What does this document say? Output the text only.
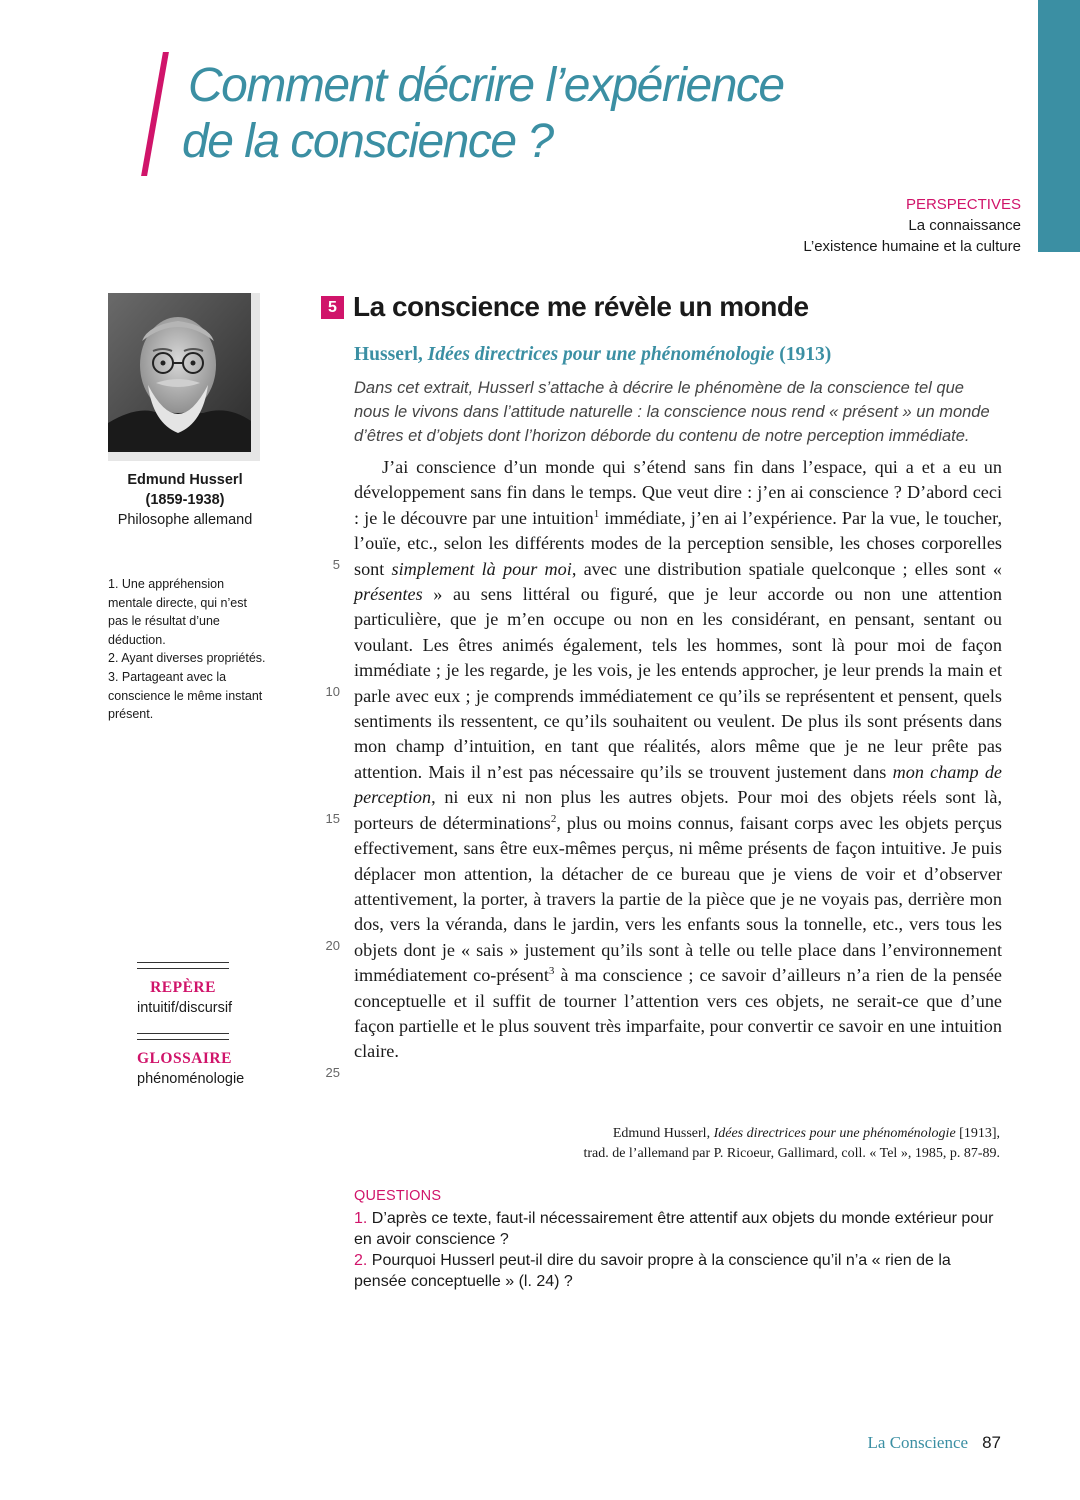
Comment décrire l’expérience
de la conscience ?
PERSPECTIVES
La connaissance
L’existence humaine et la culture
Edmund Husserl
(1859-1938)
Philosophe allemand

1. Une appréhension mentale directe, qui n’est pas le résultat d’une déduction.

2. Ayant diverses propriétés.

3. Partageant avec la conscience le même instant présent.

REPÈRE
intuitif/discursif
GLOSSAIRE
phénoménologie
5 La conscience me révèle un monde
Husserl, Idées directrices pour une phénoménologie (1913)
Dans cet extrait, Husserl s’attache à décrire le phénomène de la conscience tel que nous le vivons dans l’attitude naturelle : la conscience nous rend « présent » un monde d’êtres et d’objets dont l’horizon déborde du contenu de notre perception immédiate.
5
10
15
20
25

J’ai conscience d’un monde qui s’étend sans fin dans l’espace, qui a et a eu un développement sans fin dans le temps. Que veut dire : j’en ai conscience ? D’abord ceci : je le découvre par une intuition$^1$ immédiate, j’en ai l’expérience. Par la vue, le toucher, l’ouïe, etc., selon les différents modes de la perception sensible, les choses corporelles sont simplement là pour moi, avec une distribution spatiale quelconque ; elles sont « présentes » au sens littéral ou figuré, que je leur accorde ou non une attention particulière, que je m’en occupe ou non en les considérant, en pensant, sentant ou voulant. Les êtres animés également, tels les hommes, sont là pour moi de façon immédiate ; je les regarde, je les vois, je les entends approcher, je leur prends la main et parle avec eux ; je comprends immédiatement ce qu’ils se représentent et pensent, quels sentiments ils ressentent, ce qu’ils souhaitent ou veulent. De plus ils sont présents dans mon champ d’intuition, en tant que réalités, alors même que je ne leur prête pas attention. Mais il n’est pas nécessaire qu’ils se trouvent justement dans mon champ de perception, ni eux ni non plus les autres objets. Pour moi des objets réels sont là, porteurs de déterminations$^2$, plus ou moins connus, faisant corps avec les objets perçus effectivement, sans être eux-mêmes perçus, ni même présents de façon intuitive. Je puis déplacer mon attention, la détacher de ce bureau que je viens de voir et d’observer attentivement, la porter, à travers la partie de la pièce que je ne voyais pas, derrière mon dos, vers la véranda, dans le jardin, vers les enfants sous la tonnelle, etc., vers tous les objets dont je « sais » justement qu’ils sont à telle ou telle place dans l’environnement immédiatement co-présent$^3$ à ma conscience ; ce savoir d’ailleurs n’a rien de la pensée conceptuelle et il suffit de tourner l’attention vers ces objets, ne serait-ce que d’une façon partielle et le plus souvent très imparfaite, pour convertir ce savoir en une intuition claire.

Edmund Husserl, Idées directrices pour une phénoménologie [1913],
trad. de l’allemand par P. Ricoeur, Gallimard, coll. « Tel », 1985, p. 87-89.
QUESTIONS

1. D’après ce texte, faut-il nécessairement être attentif aux objets du monde extérieur pour en avoir conscience ?

2. Pourquoi Husserl peut-il dire du savoir propre à la conscience qu’il n’a « rien de la pensée conceptuelle » (l. 24) ?

La Conscience 87
